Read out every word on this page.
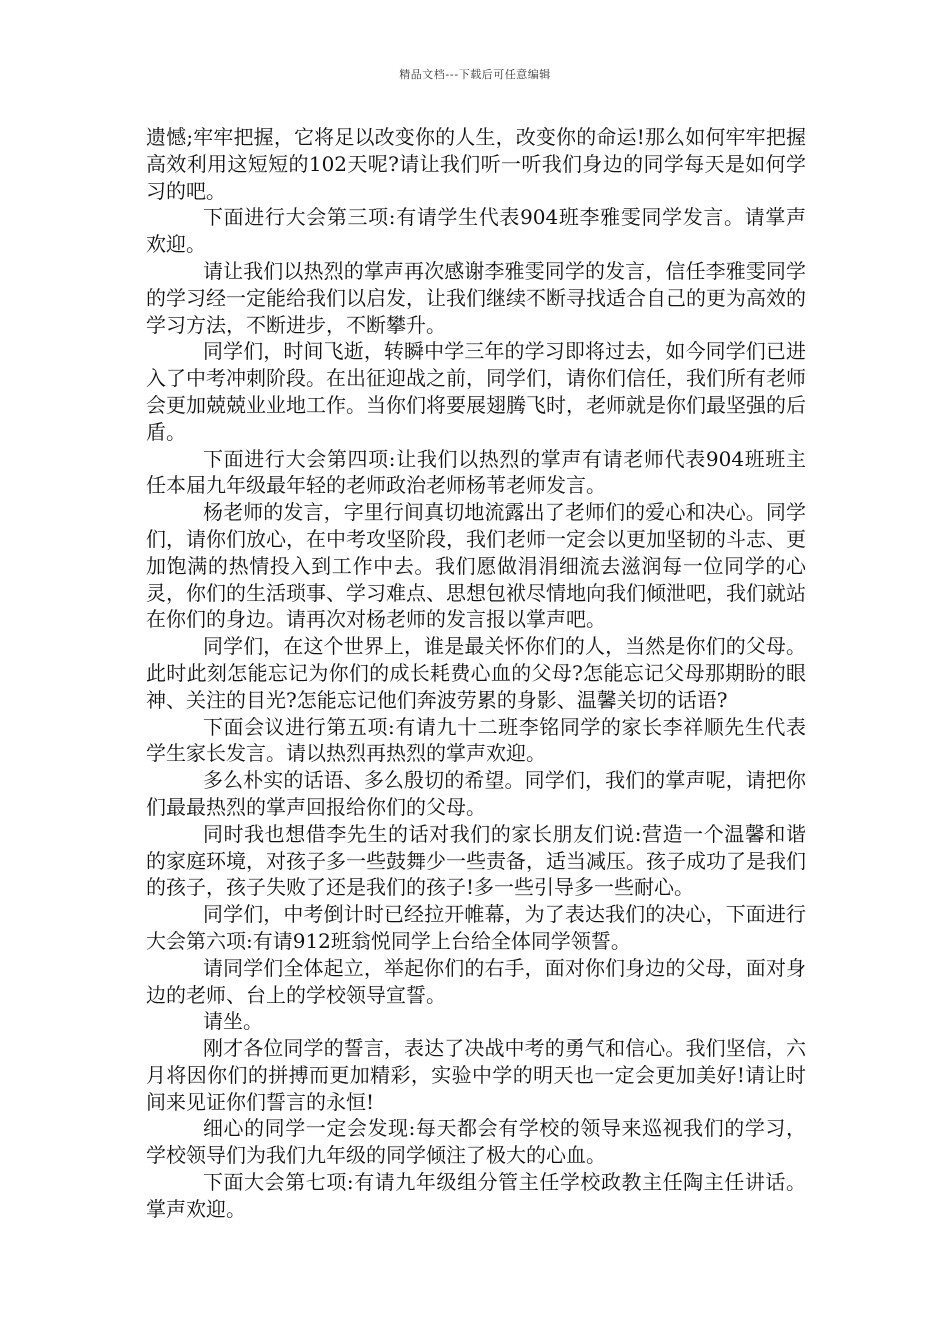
精品文档---下载后可任意编辑

遗憾;牢牢把握，它将足以改变你的人生，改变你的命运!那么如何牢牢把握高效利用这短短的102天呢?请让我们听一听我们身边的同学每天是如何学习的吧。

下面进行大会第三项:有请学生代表904班李雅雯同学发言。请掌声欢迎。

请让我们以热烈的掌声再次感谢李雅雯同学的发言，信任李雅雯同学的学习经一定能给我们以启发，让我们继续不断寻找适合自己的更为高效的学习方法，不断进步，不断攀升。

同学们，时间飞逝，转瞬中学三年的学习即将过去，如今同学们已进入了中考冲刺阶段。在出征迎战之前，同学们，请你们信任，我们所有老师会更加兢兢业业地工作。当你们将要展翅腾飞时，老师就是你们最坚强的后盾。

下面进行大会第四项:让我们以热烈的掌声有请老师代表904班班主任本届九年级最年轻的老师政治老师杨苇老师发言。

杨老师的发言，字里行间真切地流露出了老师们的爱心和决心。同学们，请你们放心，在中考攻坚阶段，我们老师一定会以更加坚韧的斗志、更加饱满的热情投入到工作中去。我们愿做涓涓细流去滋润每一位同学的心灵，你们的生活琐事、学习难点、思想包袱尽情地向我们倾泄吧，我们就站在你们的身边。请再次对杨老师的发言报以掌声吧。

同学们，在这个世界上，谁是最关怀你们的人，当然是你们的父母。此时此刻怎能忘记为你们的成长耗费心血的父母?怎能忘记父母那期盼的眼神、关注的目光?怎能忘记他们奔波劳累的身影、温馨关切的话语?

下面会议进行第五项:有请九十二班李铭同学的家长李祥顺先生代表学生家长发言。请以热烈再热烈的掌声欢迎。

多么朴实的话语、多么殷切的希望。同学们，我们的掌声呢，请把你们最最热烈的掌声回报给你们的父母。

同时我也想借李先生的话对我们的家长朋友们说:营造一个温馨和谐的家庭环境，对孩子多一些鼓舞少一些责备，适当减压。孩子成功了是我们的孩子，孩子失败了还是我们的孩子!多一些引导多一些耐心。

同学们，中考倒计时已经拉开帷幕，为了表达我们的决心，下面进行大会第六项:有请912班翁悦同学上台给全体同学领誓。

请同学们全体起立，举起你们的右手，面对你们身边的父母，面对身边的老师、台上的学校领导宣誓。

请坐。

刚才各位同学的誓言，表达了决战中考的勇气和信心。我们坚信，六月将因你们的拼搏而更加精彩，实验中学的明天也一定会更加美好!请让时间来见证你们誓言的永恒!

细心的同学一定会发现:每天都会有学校的领导来巡视我们的学习，学校领导们为我们九年级的同学倾注了极大的心血。

下面大会第七项:有请九年级组分管主任学校政教主任陶主任讲话。掌声欢迎。
